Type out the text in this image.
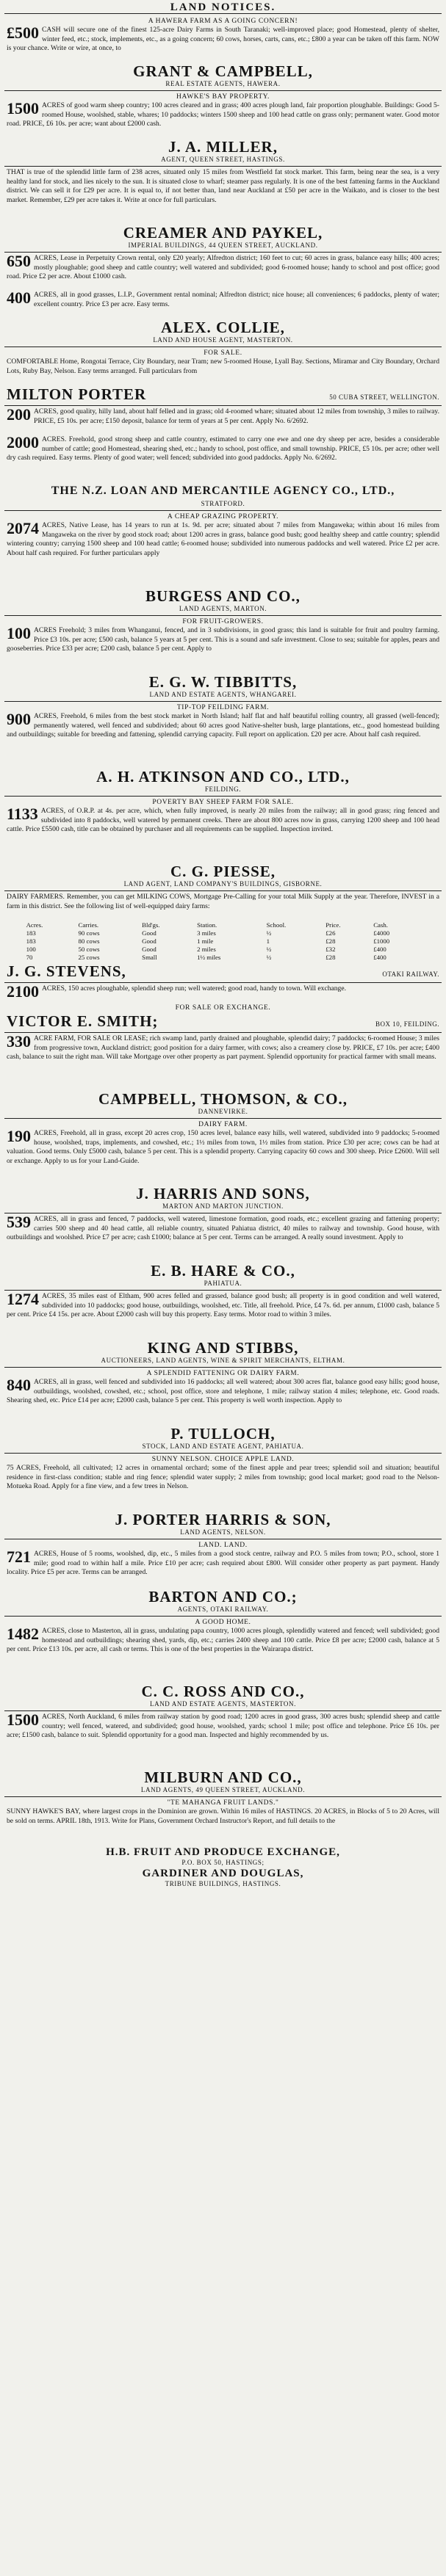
LAND NOTICES.
A HAWERA FARM AS A GOING CONCERN!
£500 CASH will secure one of the finest 125-acre Dairy Farms in South Taranaki; well-improved place; good Homestead, plenty of shelter, winter feed, etc.; stock, implements, etc., as a going concern; 60 cows, horses, carts, cans, etc.; £800 a year can be taken off this farm. NOW is your chance. Write or wire, at once, to
GRANT & CAMPBELL,
REAL ESTATE AGENTS, HAWERA.
HAWKE'S BAY PROPERTY.
1500 ACRES of good warm sheep country; 100 acres cleared and in grass; 400 acres plough land, fair proportion ploughable. Buildings: Good 5-roomed House, woolshed, stable, whares; 10 paddocks; winters 1500 sheep and 100 head cattle on grass only; permanent water. Good motor road. PRICE, £6 10s. per acre; want about £2000 cash.
J. A. MILLER,
AGENT, QUEEN STREET, HASTINGS.
THAT is true of the splendid little farm of 238 acres, situated only 15 miles from Westfield fat stock market. This farm, being near the sea, is a very healthy land for stock, and lies nicely to the sun. It is situated close to wharf; steamer pass regularly. It is one of the best fattening farms in the Auckland district. We can sell it for £29 per acre. It is equal to, if not better than, land near Auckland at £50 per acre in the Waikato, and is closer to the best market. Remember, £29 per acre takes it. Write at once for full particulars.
CREAMER AND PAYKEL,
IMPERIAL BUILDINGS, 44 QUEEN STREET, AUCKLAND.
650 ACRES, Lease in Perpetuity Crown rental, only £20 yearly; Alfredton district; 160 feet to cut; 60 acres in grass, balance easy hills; 400 acres; mostly ploughable; good sheep and cattle country; well watered and subdivided; good 6-roomed house; handy to school and post office; good road. Price £2 per acre. About £1000 cash.
400 ACRES, all in good grasses, L.I.P., Government rental nominal; Alfredton district; nice house; all conveniences; 6 paddocks, plenty of water; excellent country. Price £3 per acre. Easy terms.
ALEX. COLLIE,
LAND AND HOUSE AGENT, MASTERTON.
FOR SALE.
COMFORTABLE Home, Rongotai Terrace, City Boundary, near Tram; new 5-roomed House, Lyall Bay. Sections, Miramar and City Boundary, Orchard Lots, Ruby Bay, Nelson. Easy terms arranged. Full particulars from
MILTON PORTER	50 CUBA STREET, WELLINGTON.
200 ACRES, good quality, hilly land, about half felled and in grass; old 4-roomed whare; situated about 12 miles from township, 3 miles to railway. PRICE, £5 10s. per acre; £150 deposit, balance for term of years at 5 per cent. Apply No. 6/2692.
2000 ACRES. Freehold, good strong sheep and cattle country, estimated to carry one ewe and one dry sheep per acre, besides a considerable number of cattle; good Homestead, shearing shed, etc.; handy to school, post office, and small township. PRICE, £5 10s. per acre; other well dry cash required. Easy terms. Plenty of good water; well fenced; subdivided into good paddocks. Apply No. 6/2692.
THE N.Z. LOAN AND MERCANTILE AGENCY CO., LTD.,
STRATFORD.
A CHEAP GRAZING PROPERTY.
2074 ACRES, Native Lease, has 14 years to run at 1s. 9d. per acre; situated about 7 miles from Mangaweka; within about 16 miles from Mangaweka on the river by good stock road; about 1200 acres in grass, balance good bush; good healthy sheep and cattle country; splendid wintering country; carrying 1500 sheep and 100 head cattle; 6-roomed house; subdivided into numerous paddocks and well watered. Price £2 per acre. About half cash required. For further particulars apply
BURGESS AND CO.,
LAND AGENTS, MARTON.
FOR FRUIT-GROWERS.
100 ACRES Freehold; 3 miles from Whanganui, fenced, and in 3 subdivisions, in good grass; this land is suitable for fruit and poultry farming. Price £3 10s. per acre; £500 cash, balance 5 years at 5 per cent. This is a sound and safe investment. Close to sea; suitable for apples, pears and gooseberries. Price £33 per acre; £200 cash, balance 5 per cent. Apply to
E. G. W. TIBBITTS,
LAND AND ESTATE AGENTS, WHANGAREI.
TIP-TOP FEILDING FARM.
900 ACRES, Freehold, 6 miles from the best stock market in North Island; half flat and half beautiful rolling country, all grassed (well-fenced); permanently watered, well fenced and subdivided; about 60 acres good Native-shelter bush, large plantations, etc., good homestead building and outbuildings; suitable for breeding and fattening, splendid carrying capacity. Full report on application. £20 per acre. About half cash required.
A. H. ATKINSON AND CO., LTD.,
FEILDING.
POVERTY BAY SHEEP FARM FOR SALE.
1133 ACRES, of O.R.P. at 4s. per acre, which, when fully improved, is nearly 20 miles from the railway; all in good grass; ring fenced and subdivided into 8 paddocks, well watered by permanent creeks. There are about 800 acres now in grass, carrying 1200 sheep and 100 head cattle. Price £5500 cash, title can be obtained by purchaser and all requirements can be supplied. Inspection invited.
C. G. PIESSE,
LAND AGENT, LAND COMPANY'S BUILDINGS, GISBORNE.
DAIRY FARMERS. Remember, you can get MILKING COWS, Mortgage Pre-Calling for your total Milk Supply at the year. Therefore, INVEST in a farm in this district. See the following list of well-equipped dairy farms:
Acres.	Carries.	Bld'gs.	Station.	School.	Price.	Cash.
183	90 cows	Good	3 miles	½	£26	£4000
183	80 cows	Good	1 mile	1	£28	£1000
100	50 cows	Good	2 miles	½	£32	£400
70	25 cows	Small	1½ miles	½	£28	£400
J. G. STEVENS,	OTAKI RAILWAY.
2100 ACRES, 150 acres ploughable, splendid sheep run; well watered; good road, handy to town. Will exchange.
FOR SALE OR EXCHANGE.
VICTOR E. SMITH;	BOX 10, FEILDING.
330 ACRE FARM, FOR SALE OR LEASE; rich swamp land, partly drained and ploughable, splendid dairy; 7 paddocks; 6-roomed House; 3 miles from progressive town, Auckland district; good position for a dairy farmer, with cows; also a creamery close by. PRICE, £7 10s. per acre; £400 cash, balance to suit the right man. Will take Mortgage over other property as part payment. Splendid opportunity for practical farmer with small means.
CAMPBELL, THOMSON, & CO.,
DANNEVIRKE.
DAIRY FARM.
190 ACRES, Freehold, all in grass, except 20 acres crop, 150 acres level, balance easy hills, well watered, subdivided into 9 paddocks; 5-roomed house, woolshed, traps, implements, and cowshed, etc.; 1½ miles from town, 1½ miles from station. Price £30 per acre; cows can be had at valuation. Good terms. Only £5000 cash, balance 5 per cent. This is a splendid property. Carrying capacity 60 cows and 300 sheep. Price £2600. Will sell or exchange. Apply to us for your Land-Guide.
J. HARRIS AND SONS,
MARTON AND MARTON JUNCTION.
539 ACRES, all in grass and fenced, 7 paddocks, well watered, limestone formation, good roads, etc.; excellent grazing and fattening property; carries 500 sheep and 40 head cattle, all reliable country, situated Pahiatua district, 40 miles to railway and township. Good house, with outbuildings and woolshed. Price £7 per acre; cash £1000; balance at 5 per cent. Terms can be arranged. A really sound investment. Apply to
E. B. HARE & CO.,
PAHIATUA.
1274 ACRES, 35 miles east of Eltham, 900 acres felled and grassed, balance good bush; all property is in good condition and well watered, subdivided into 10 paddocks; good house, outbuildings, woolshed, etc. Title, all freehold. Price, £4 7s. 6d. per annum, £1000 cash, balance 5 per cent. Price £4 15s. per acre. About £2000 cash will buy this property. Easy terms. Motor road to within 3 miles.
KING AND STIBBS,
AUCTIONEERS, LAND AGENTS, WINE & SPIRIT MERCHANTS, ELTHAM.
A SPLENDID FATTENING OR DAIRY FARM.
840 ACRES, all in grass, well fenced and subdivided into 16 paddocks; all well watered; about 300 acres flat, balance good easy hills; good house, outbuildings, woolshed, cowshed, etc.; school, post office, store and telephone, 1 mile; railway station 4 miles; telephone, etc. Good roads. Shearing shed, etc. Price £14 per acre; £2000 cash, balance 5 per cent. This property is well worth inspection. Apply to
P. TULLOCH,
STOCK, LAND AND ESTATE AGENT, PAHIATUA.
SUNNY NELSON. CHOICE APPLE LAND.
75 ACRES, Freehold, all cultivated; 12 acres in ornamental orchard; some of the finest apple and pear trees; splendid soil and situation; beautiful residence in first-class condition; stable and ring fence; splendid water supply; 2 miles from township; good local market; good road to the Nelson-Motueka Road. Apply for a fine view, and a few trees in Nelson.
J. PORTER HARRIS & SON,
LAND AGENTS, NELSON.
LAND. LAND.
721 ACRES, House of 5 rooms, woolshed, dip, etc., 5 miles from a good stock centre, railway and P.O. 5 miles from town; P.O., school, store 1 mile; good road to within half a mile. Price £10 per acre; cash required about £800. Will consider other property as part payment. Handy locality. Price £5 per acre. Terms can be arranged.
BARTON AND CO.;
AGENTS, OTAKI RAILWAY.
A GOOD HOME.
1482 ACRES, close to Masterton, all in grass, undulating papa country, 1000 acres plough, splendidly watered and fenced; well subdivided; good homestead and outbuildings; shearing shed, yards, dip, etc.; carries 2400 sheep and 100 cattle. Price £8 per acre; £2000 cash, balance at 5 per cent. Price £13 10s. per acre, all cash or terms. This is one of the best properties in the Wairarapa district.
C. C. ROSS AND CO.,
LAND AND ESTATE AGENTS, MASTERTON.
1500 ACRES, North Auckland, 6 miles from railway station by good road; 1200 acres in good grass, 300 acres bush; splendid sheep and cattle country; well fenced, watered, and subdivided; good house, woolshed, yards; school 1 mile; post office and telephone. Price £6 10s. per acre; £1500 cash, balance to suit. Splendid opportunity for a good man. Inspected and highly recommended by us.
MILBURN AND CO.,
LAND AGENTS, 49 QUEEN STREET, AUCKLAND.
"TE MAHANGA FRUIT LANDS."
SUNNY HAWKE'S BAY, where largest crops in the Dominion are grown. Within 16 miles of HASTINGS. 20 ACRES, in Blocks of 5 to 20 Acres, will be sold on terms. APRIL 18th, 1913. Write for Plans, Government Orchard Instructor's Report, and full details to the
H.B. FRUIT AND PRODUCE EXCHANGE,
P.O. BOX 50, HASTINGS;
GARDINER AND DOUGLAS,
TRIBUNE BUILDINGS, HASTINGS.
